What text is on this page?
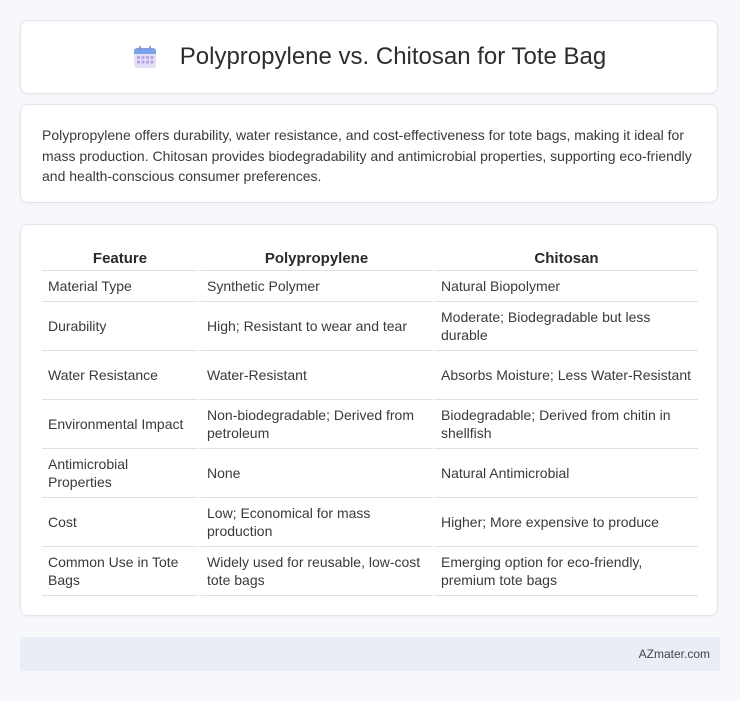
Polypropylene vs. Chitosan for Tote Bag

Polypropylene offers durability, water resistance, and cost-effectiveness for tote bags, making it ideal for mass production. Chitosan provides biodegradability and antimicrobial properties, supporting eco-friendly and health-conscious consumer preferences.

Feature	Polypropylene	Chitosan
Material Type	Synthetic Polymer	Natural Biopolymer
Durability	High; Resistant to wear and tear	Moderate; Biodegradable but less durable
Water Resistance	Water-Resistant	Absorbs Moisture; Less Water-Resistant
Environmental Impact	Non-biodegradable; Derived from petroleum	Biodegradable; Derived from chitin in shellfish
Antimicrobial Properties	None	Natural Antimicrobial
Cost	Low; Economical for mass production	Higher; More expensive to produce
Common Use in Tote Bags	Widely used for reusable, low-cost tote bags	Emerging option for eco-friendly, premium tote bags
AZmater.com
